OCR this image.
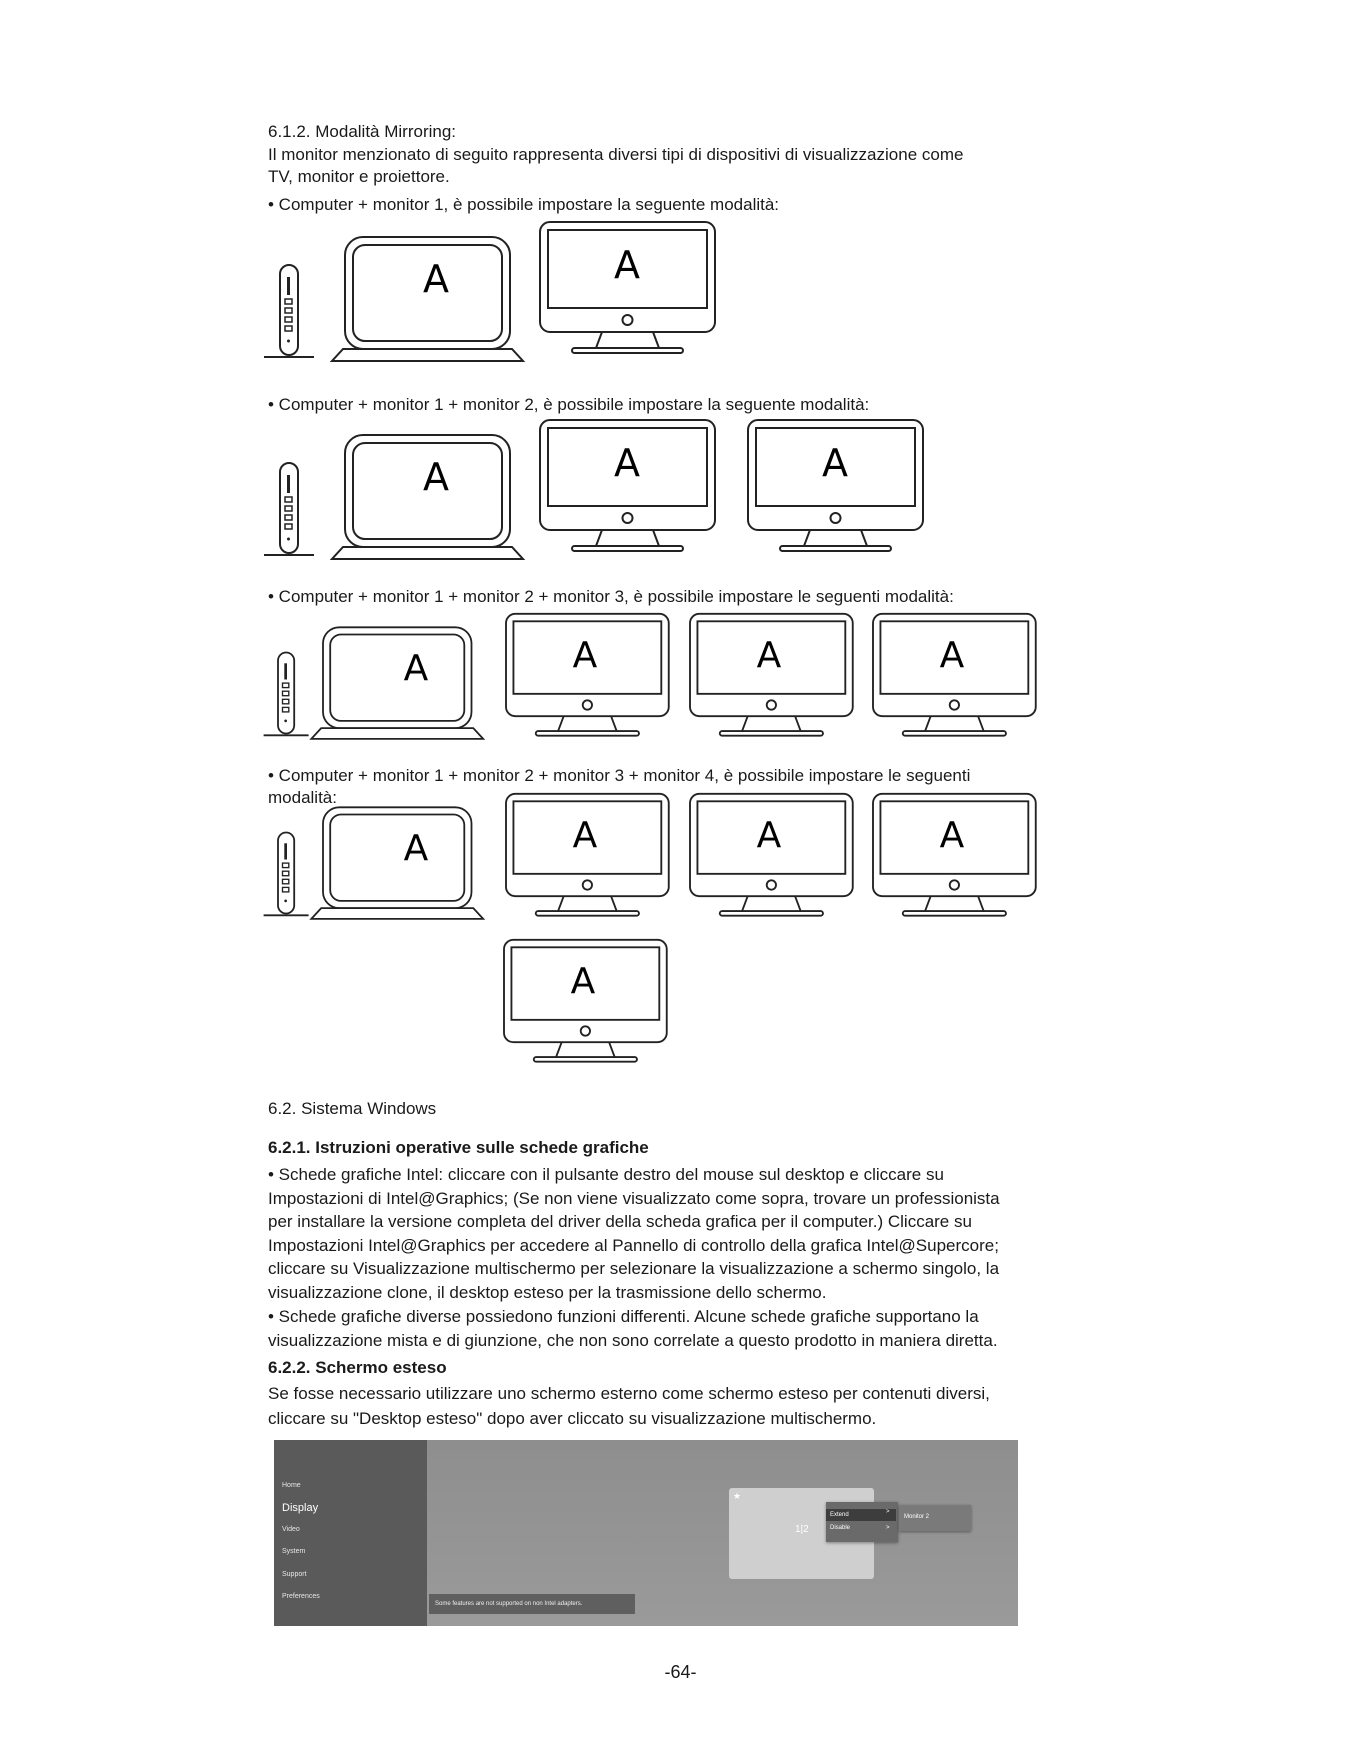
6.1.2. Modalità Mirroring:
Il monitor menzionato di seguito rappresenta diversi tipi di dispositivi di visualizzazione come
TV, monitor e proiettore.
• Computer + monitor 1, è possibile impostare la seguente modalità:
A	A
• Computer + monitor 1 + monitor 2, è possibile impostare la seguente modalità:
A	A	A
• Computer + monitor 1 + monitor 2 + monitor 3, è possibile impostare le seguenti modalità:
A	A	A	A
• Computer + monitor 1 + monitor 2 + monitor 3 + monitor 4, è possibile impostare le seguenti
modalità:
A	A	A	A
A
6.2. Sistema Windows
6.2.1. Istruzioni operative sulle schede grafiche
• Schede grafiche Intel: cliccare con il pulsante destro del mouse sul desktop e cliccare su
Impostazioni di Intel@Graphics; (Se non viene visualizzato come sopra, trovare un professionista
per installare la versione completa del driver della scheda grafica per il computer.) Cliccare su
Impostazioni Intel@Graphics per accedere al Pannello di controllo della grafica Intel@Supercore;
cliccare su Visualizzazione multischermo per selezionare la visualizzazione a schermo singolo, la
visualizzazione clone, il desktop esteso per la trasmissione dello schermo.
• Schede grafiche diverse possiedono funzioni differenti. Alcune schede grafiche supportano la
visualizzazione mista e di giunzione, che non sono correlate a questo prodotto in maniera diretta.
6.2.2. Schermo esteso
Se fosse necessario utilizzare uno schermo esterno come schermo esteso per contenuti diversi,
cliccare su "Desktop esteso" dopo aver cliccato su visualizzazione multischermo.
Home
Display
Video
System
Support
Preferences
★
1|2
Extend	>
Disable	>
Monitor 2
Some features are not supported on non Intel adapters.
-64-
